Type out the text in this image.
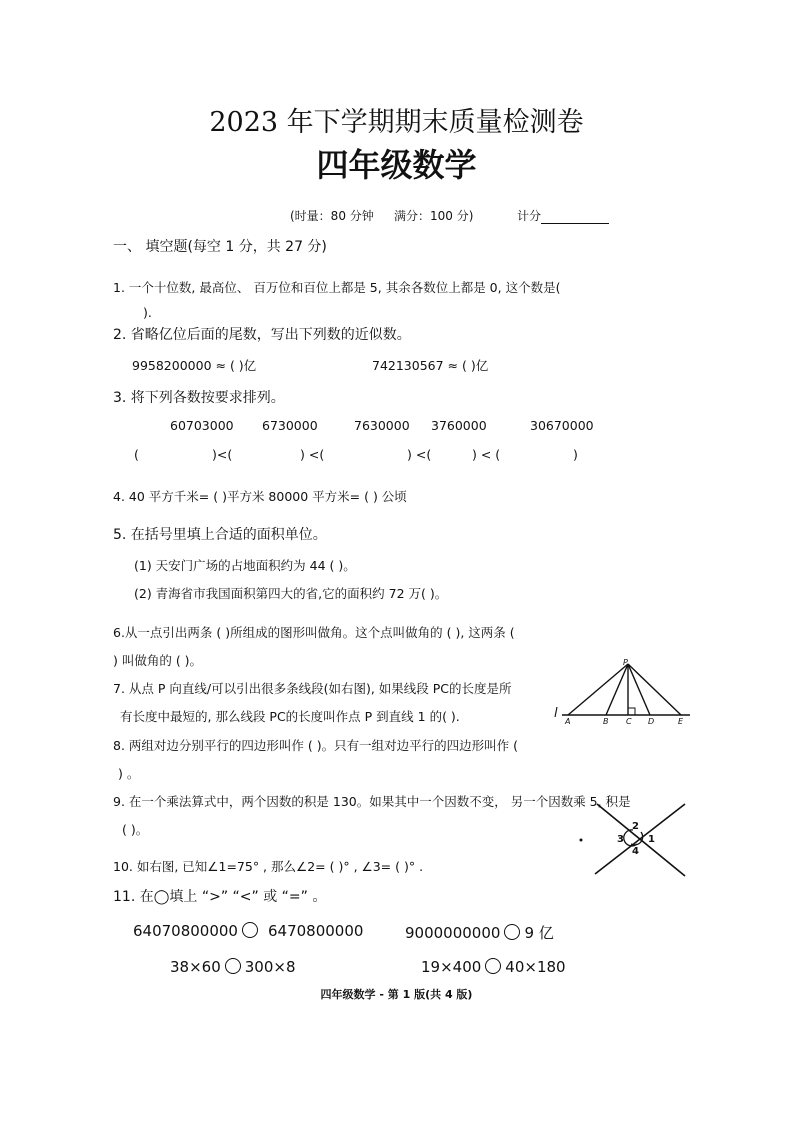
2023 年下学期期末质量检测卷
四年级数学
(时量：80 分钟 满分：100 分)	计分
一、 填空题(每空 1 分，共 27 分)
1. 一个十位数, 最高位、 百万位和百位上都是 5, 其余各数位上都是 0, 这个数是(
).
2. 省略亿位后面的尾数，写出下列数的近似数。
9958200000 ≈ ( )亿	742130567 ≈ ( )亿
3. 将下列各数按要求排列。
60703000 6730000	7630000 3760000	30670000
(	)<(	) <(	) <(	) < (	)
4. 40 平方千米= ( )平方米 80000 平方米= ( ) 公顷
5. 在括号里填上合适的面积单位。
(1) 天安门广场的占地面积约为 44 ( )。
(2) 青海省市我国面积第四大的省,它的面积约 72 万( )。
6.从一点引出两条 ( )所组成的图形叫做角。这个点叫做角的 ( ), 这两条 (
) 叫做角的 ( )。
7. 从点 P 向直线/可以引出很多条线段(如右图), 如果线段 PC的长度是所
有长度中最短的, 那么线段 PC的长度叫作点 P 到直线 1 的( ).
P
l
A	B C D	E
8. 两组对边分别平行的四边形叫作 ( )。只有一组对边平行的四边形叫作 (
) 。
9. 在一个乘法算式中，两个因数的积是 130。如果其中一个因数不变， 另一个因数乘 5, 积是
( )。	2
3 1
4
10. 如右图, 已知∠1=75° , 那么∠2= ( )° , ∠3= ( )° .
11. 在◯填上 “>” “<” 或 “=” 。
64070800000 6470800000	9000000000 9 亿
38×60 300×8	19×400 40×180
四年级数学 - 第 1 版(共 4 版)
